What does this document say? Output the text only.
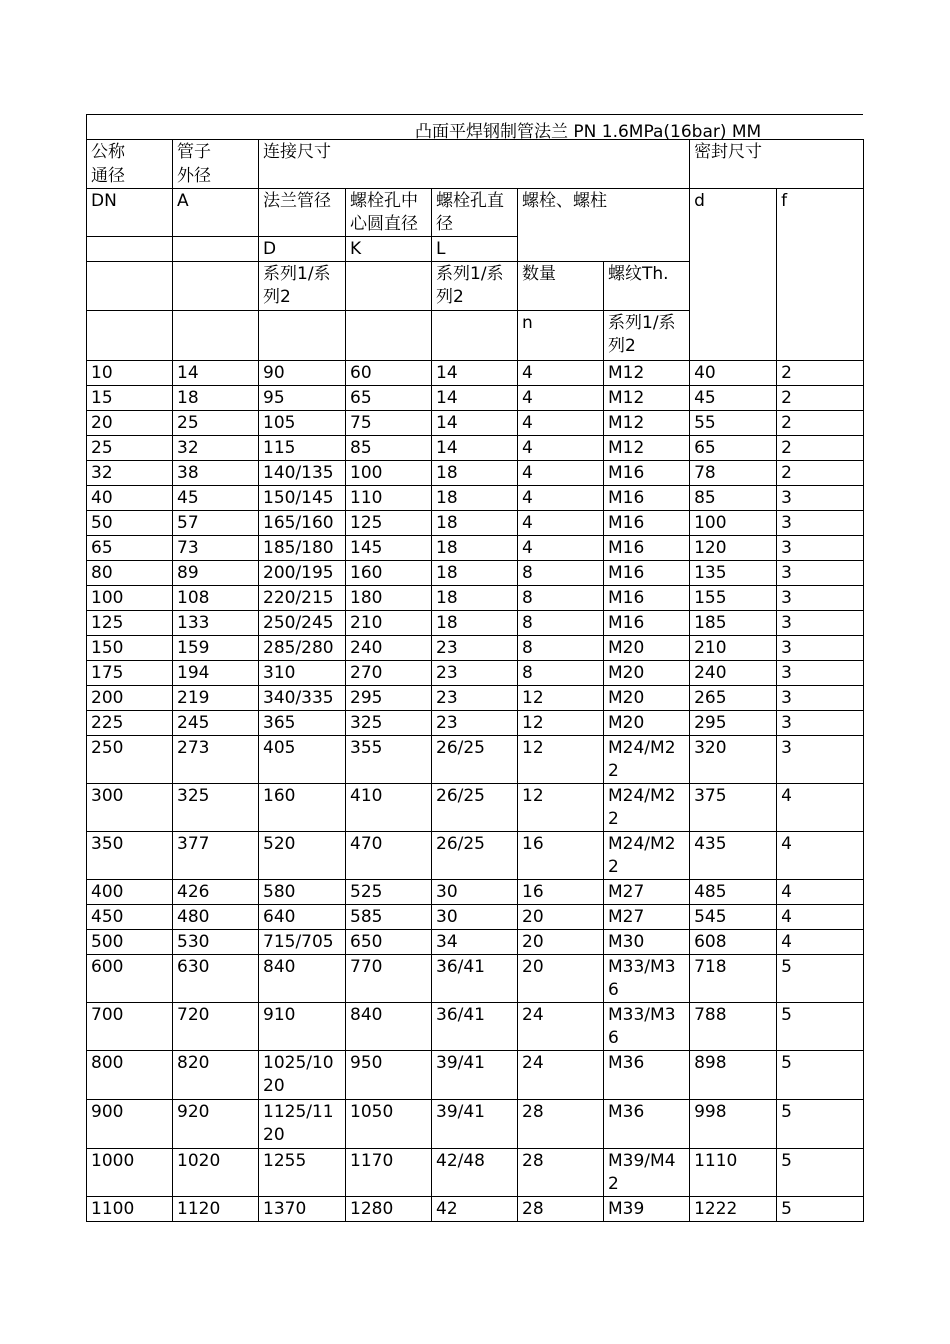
凸面平焊钢制管法兰 PN 1.6MPa(16bar) MM
公称	管子	连接尺寸					密封尺寸	
通径	外径							
DN	A	法兰管径	螺栓孔中心圆直径	螺栓孔直径	螺栓、螺柱		d	f
		D	K	L				
		系列1/系列2		系列1/系列2	数量	螺纹Th.		
					n	系列1/系列2		
10	14	90	60	14	4	M12	40	2
15	18	95	65	14	4	M12	45	2
20	25	105	75	14	4	M12	55	2
25	32	115	85	14	4	M12	65	2
32	38	140/135	100	18	4	M16	78	2
40	45	150/145	110	18	4	M16	85	3
50	57	165/160	125	18	4	M16	100	3
65	73	185/180	145	18	4	M16	120	3
80	89	200/195	160	18	8	M16	135	3
100	108	220/215	180	18	8	M16	155	3
125	133	250/245	210	18	8	M16	185	3
150	159	285/280	240	23	8	M20	210	3
175	194	310	270	23	8	M20	240	3
200	219	340/335	295	23	12	M20	265	3
225	245	365	325	23	12	M20	295	3
250	273	405	355	26/25	12	M24/M22	320	3
300	325	160	410	26/25	12	M24/M22	375	4
350	377	520	470	26/25	16	M24/M22	435	4
400	426	580	525	30	16	M27	485	4
450	480	640	585	30	20	M27	545	4
500	530	715/705	650	34	20	M30	608	4
600	630	840	770	36/41	20	M33/M36	718	5
700	720	910	840	36/41	24	M33/M36	788	5
800	820	1025/1020	950	39/41	24	M36	898	5
900	920	1125/1120	1050	39/41	28	M36	998	5
1000	1020	1255	1170	42/48	28	M39/M42	1110	5
1100	1120	1370	1280	42	28	M39	1222	5
